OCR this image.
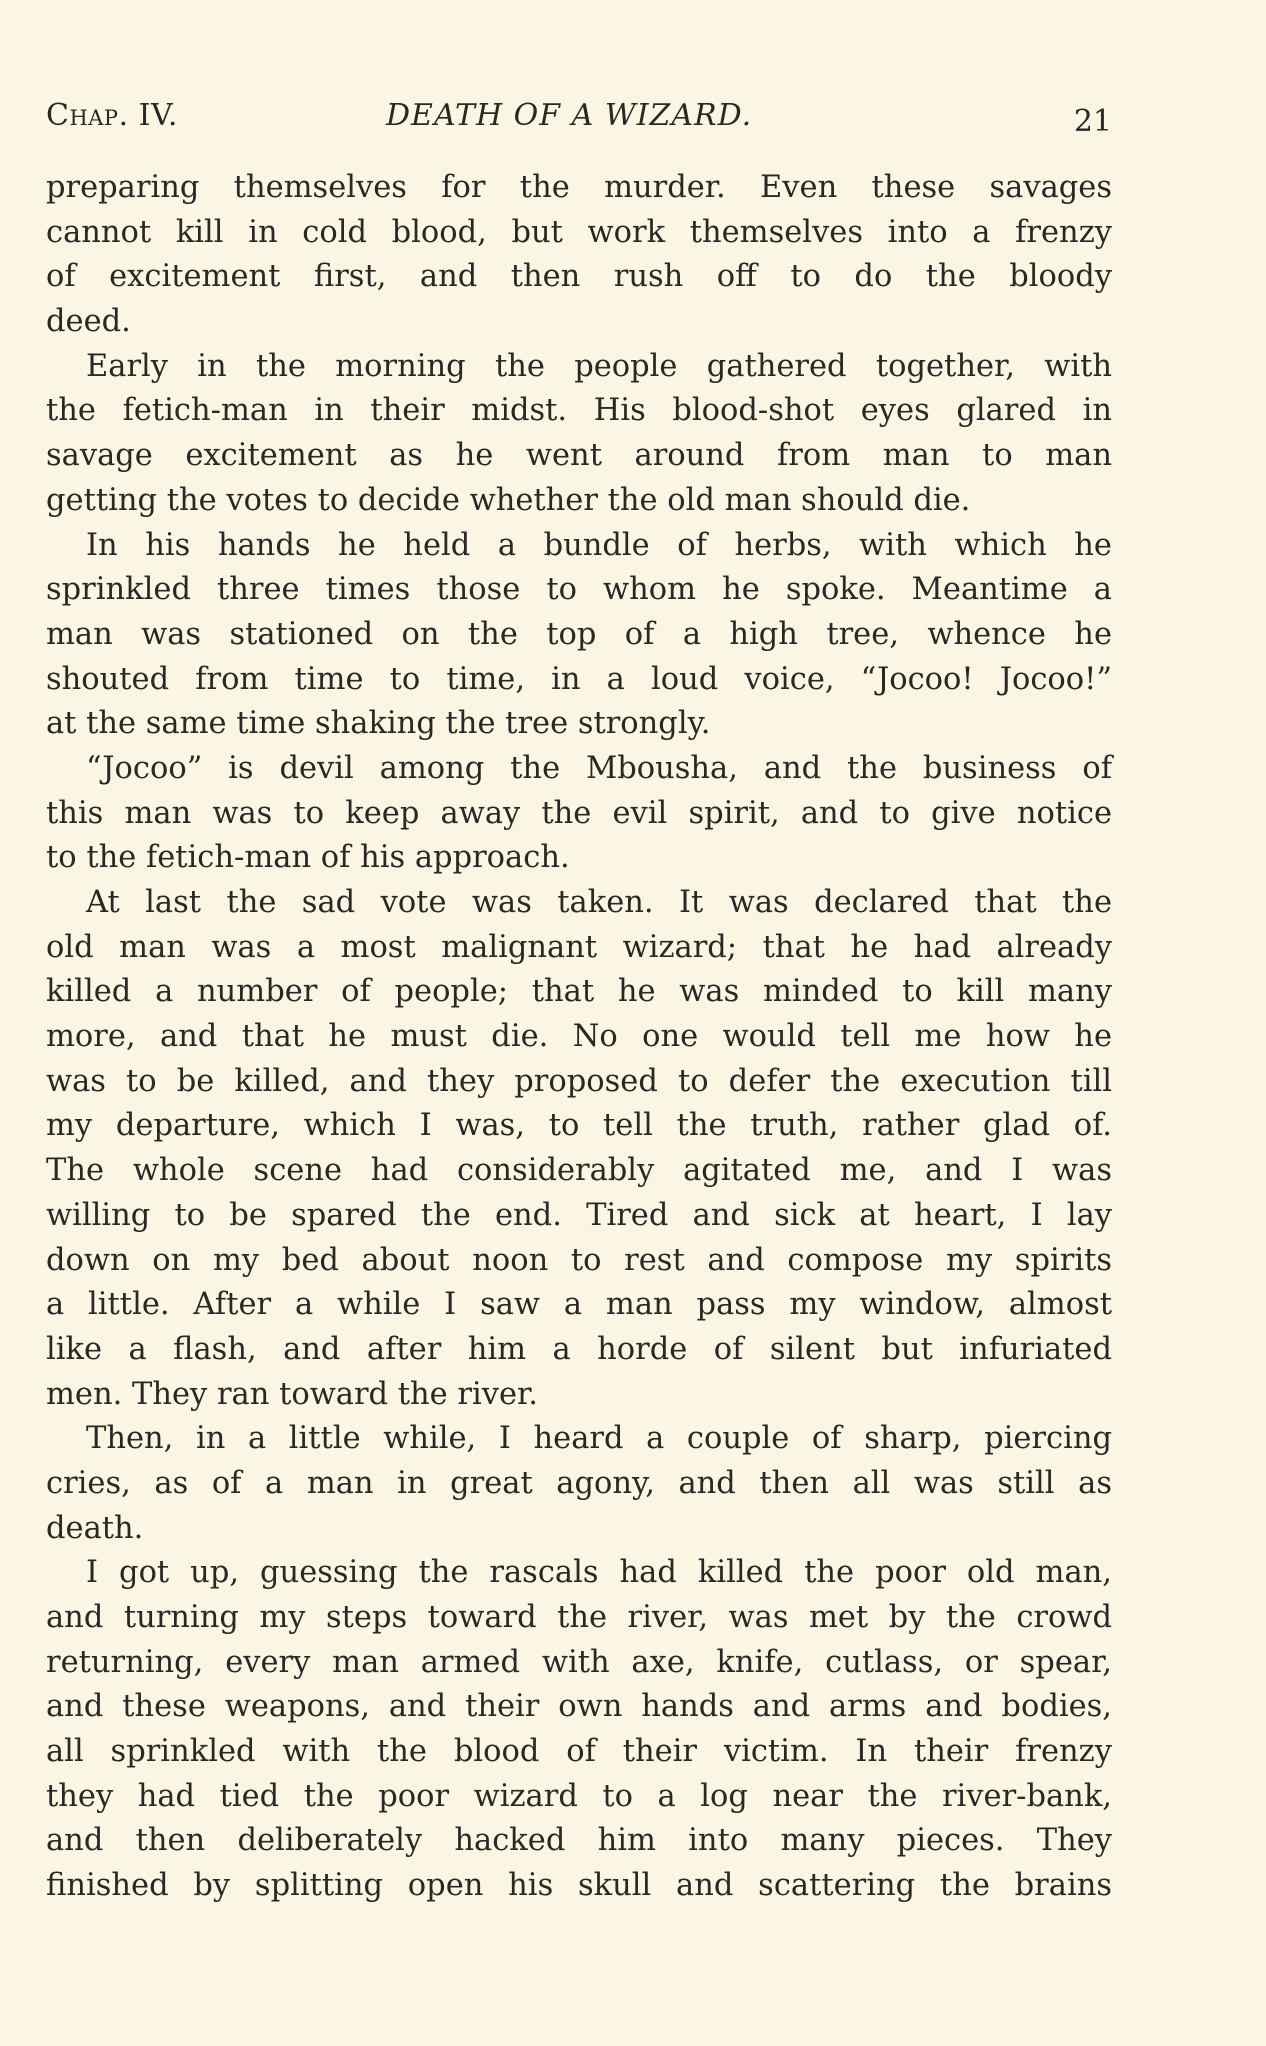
Chap. IV.	DEATH OF A WIZARD.	21
preparing themselves for the murder. Even these savages
cannot kill in cold blood, but work themselves into a frenzy
of excitement first, and then rush off to do the bloody
deed.
Early in the morning the people gathered together, with
the fetich-man in their midst. His blood-shot eyes glared in
savage excitement as he went around from man to man
getting the votes to decide whether the old man should die.
In his hands he held a bundle of herbs, with which he
sprinkled three times those to whom he spoke. Meantime a
man was stationed on the top of a high tree, whence he
shouted from time to time, in a loud voice, “Jocoo! Jocoo!”
at the same time shaking the tree strongly.
“Jocoo” is devil among the Mbousha, and the business of
this man was to keep away the evil spirit, and to give notice
to the fetich-man of his approach.
At last the sad vote was taken. It was declared that the
old man was a most malignant wizard; that he had already
killed a number of people; that he was minded to kill many
more, and that he must die. No one would tell me how he
was to be killed, and they proposed to defer the execution till
my departure, which I was, to tell the truth, rather glad of.
The whole scene had considerably agitated me, and I was
willing to be spared the end. Tired and sick at heart, I lay
down on my bed about noon to rest and compose my spirits
a little. After a while I saw a man pass my window, almost
like a flash, and after him a horde of silent but infuriated
men. They ran toward the river.
Then, in a little while, I heard a couple of sharp, piercing
cries, as of a man in great agony, and then all was still as
death.
I got up, guessing the rascals had killed the poor old man,
and turning my steps toward the river, was met by the crowd
returning, every man armed with axe, knife, cutlass, or spear,
and these weapons, and their own hands and arms and bodies,
all sprinkled with the blood of their victim. In their frenzy
they had tied the poor wizard to a log near the river-bank,
and then deliberately hacked him into many pieces. They
finished by splitting open his skull and scattering the brains
